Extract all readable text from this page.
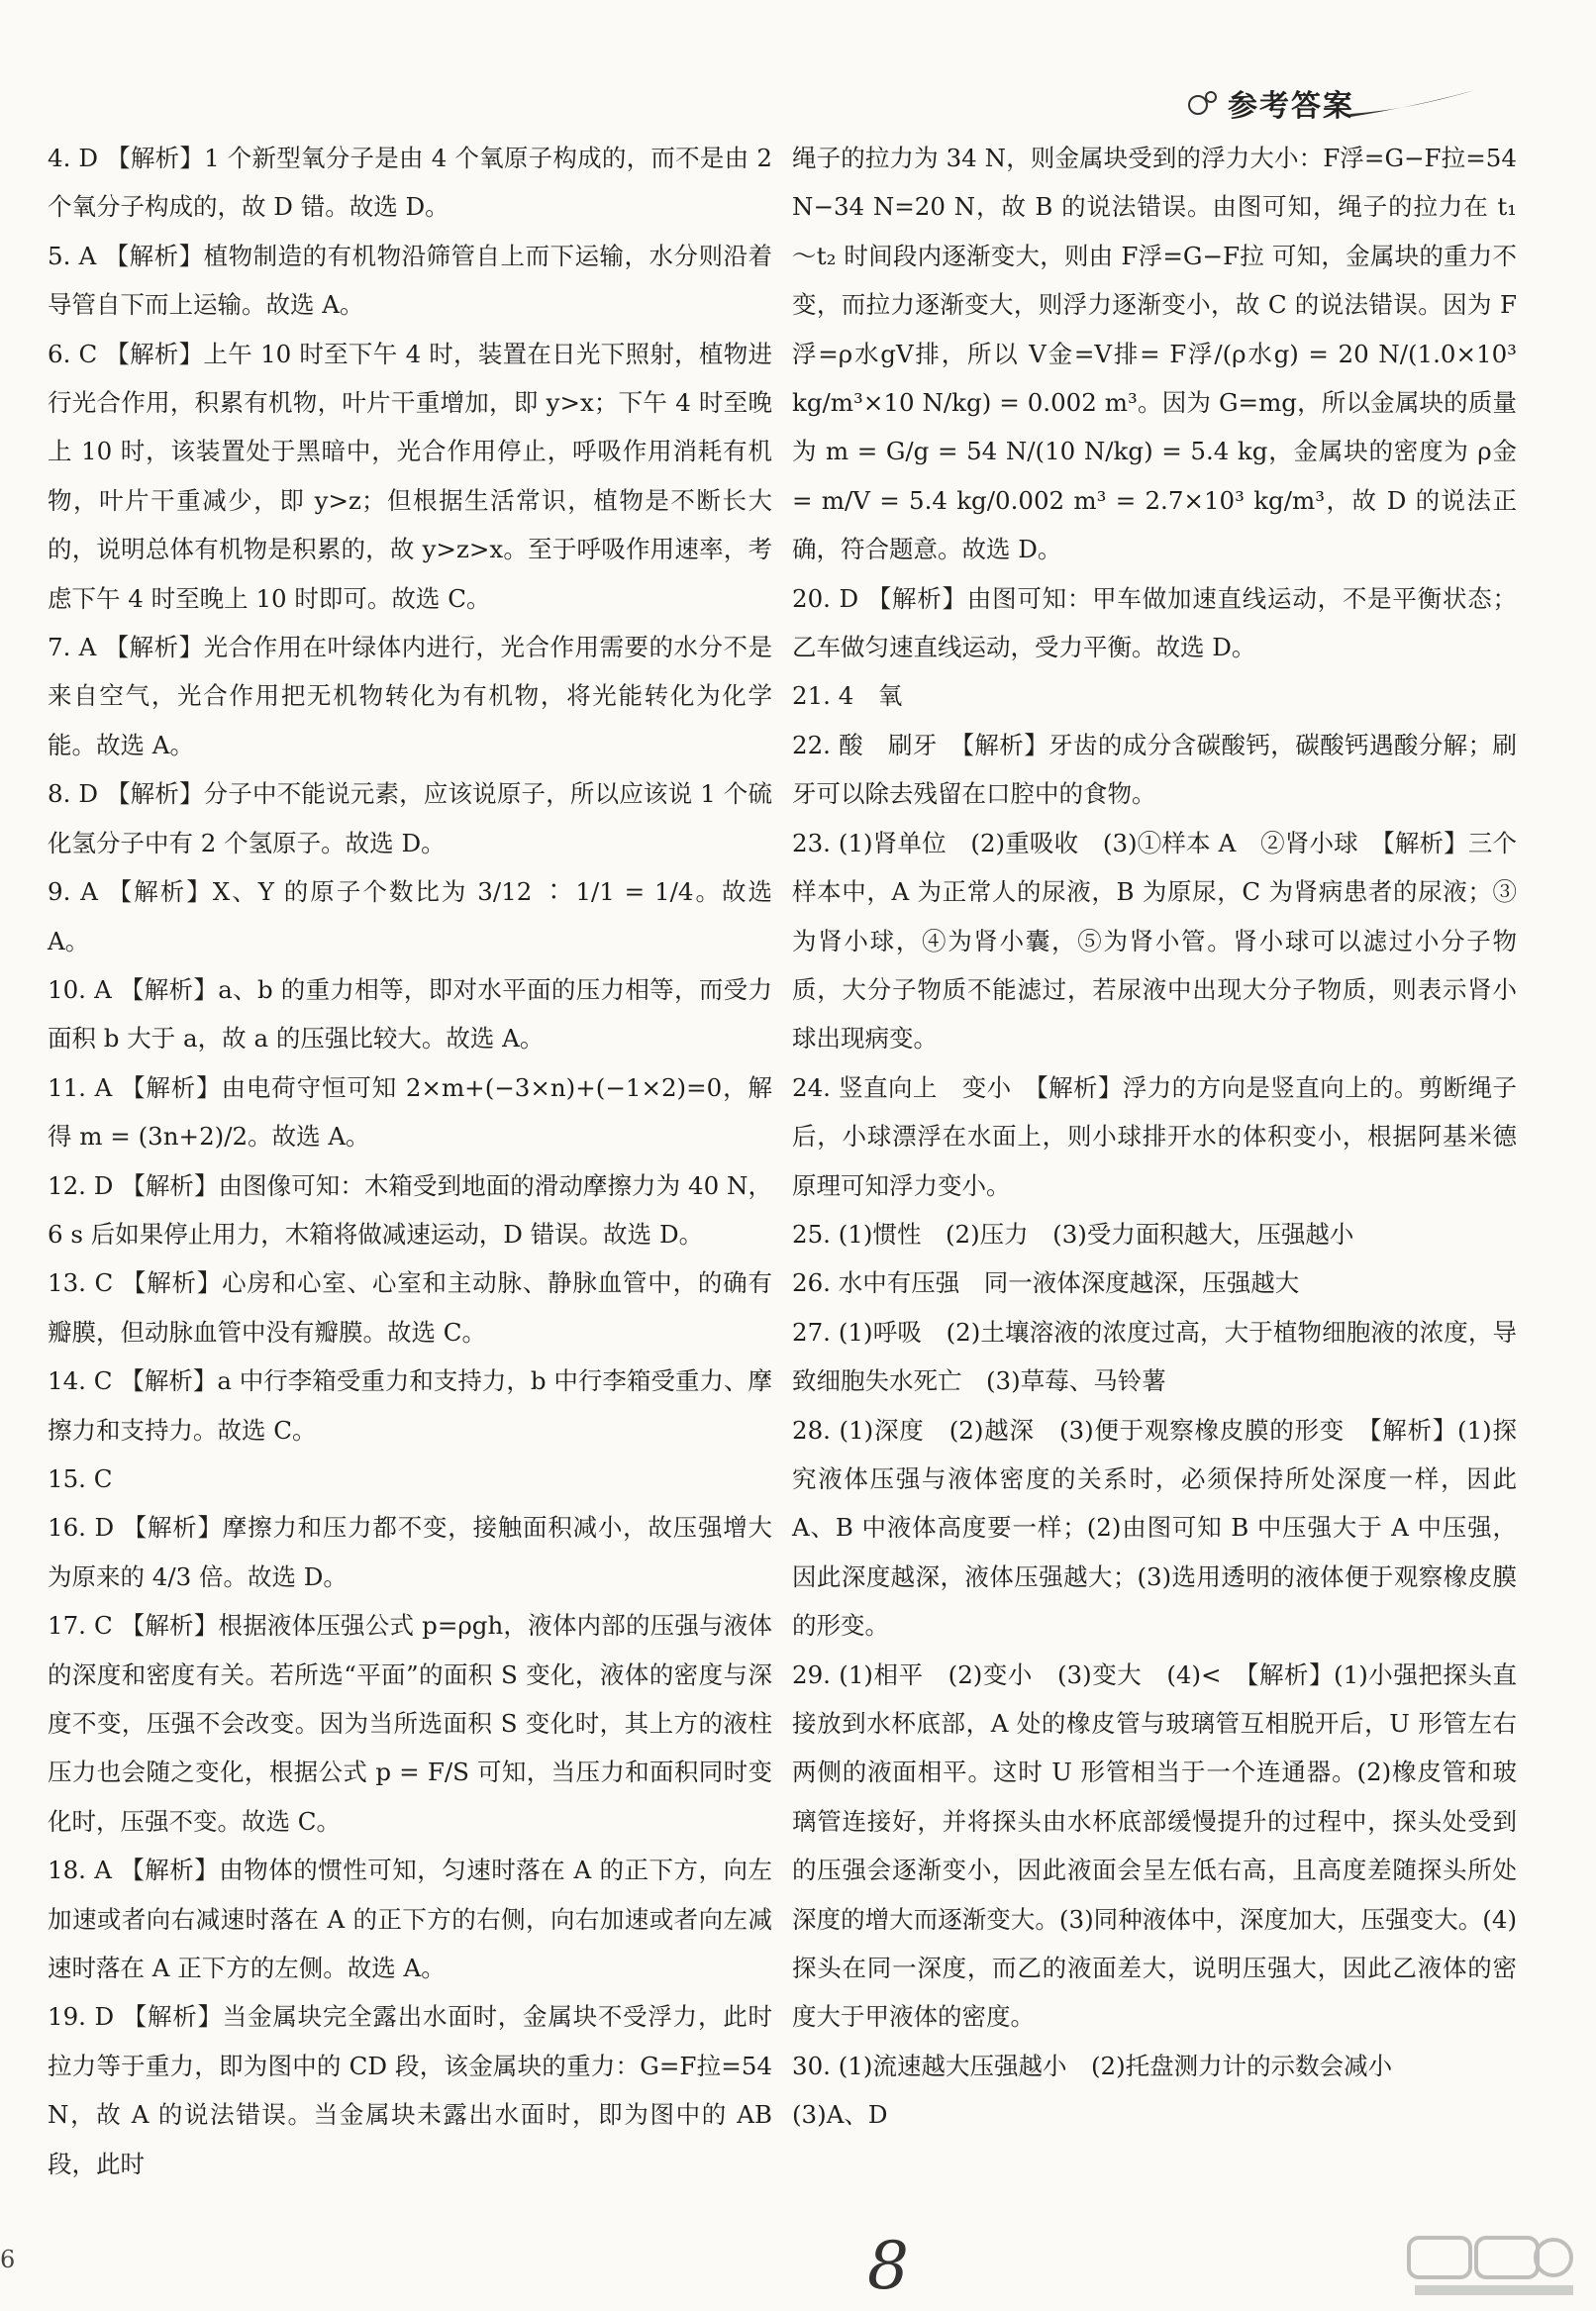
参考答案

4. D 【解析】1 个新型氧分子是由 4 个氧原子构成的，而不是由 2 个氧分子构成的，故 D 错。故选 D。

5. A 【解析】植物制造的有机物沿筛管自上而下运输，水分则沿着导管自下而上运输。故选 A。

6. C 【解析】上午 10 时至下午 4 时，装置在日光下照射，植物进行光合作用，积累有机物，叶片干重增加，即 y>x；下午 4 时至晚上 10 时，该装置处于黑暗中，光合作用停止，呼吸作用消耗有机物，叶片干重减少，即 y>z；但根据生活常识，植物是不断长大的，说明总体有机物是积累的，故 y>z>x。至于呼吸作用速率，考虑下午 4 时至晚上 10 时即可。故选 C。

7. A 【解析】光合作用在叶绿体内进行，光合作用需要的水分不是来自空气，光合作用把无机物转化为有机物，将光能转化为化学能。故选 A。

8. D 【解析】分子中不能说元素，应该说原子，所以应该说 1 个硫化氢分子中有 2 个氢原子。故选 D。

9. A 【解析】X、Y 的原子个数比为 3/12 ∶ 1/1 = 1/4。故选 A。

10. A 【解析】a、b 的重力相等，即对水平面的压力相等，而受力面积 b 大于 a，故 a 的压强比较大。故选 A。

11. A 【解析】由电荷守恒可知 2×m+(−3×n)+(−1×2)=0，解得 m = (3n+2)/2。故选 A。

12. D 【解析】由图像可知：木箱受到地面的滑动摩擦力为 40 N，6 s 后如果停止用力，木箱将做减速运动，D 错误。故选 D。

13. C 【解析】心房和心室、心室和主动脉、静脉血管中，的确有瓣膜，但动脉血管中没有瓣膜。故选 C。

14. C 【解析】a 中行李箱受重力和支持力，b 中行李箱受重力、摩擦力和支持力。故选 C。

15. C

16. D 【解析】摩擦力和压力都不变，接触面积减小，故压强增大为原来的 4/3 倍。故选 D。

17. C 【解析】根据液体压强公式 p=ρgh，液体内部的压强与液体的深度和密度有关。若所选“平面”的面积 S 变化，液体的密度与深度不变，压强不会改变。因为当所选面积 S 变化时，其上方的液柱压力也会随之变化，根据公式 p = F/S 可知，当压力和面积同时变化时，压强不变。故选 C。

18. A 【解析】由物体的惯性可知，匀速时落在 A 的正下方，向左加速或者向右减速时落在 A 的正下方的右侧，向右加速或者向左减速时落在 A 正下方的左侧。故选 A。

19. D 【解析】当金属块完全露出水面时，金属块不受浮力，此时拉力等于重力，即为图中的 CD 段，该金属块的重力：G=F拉=54 N，故 A 的说法错误。当金属块未露出水面时，即为图中的 AB 段，此时

绳子的拉力为 34 N，则金属块受到的浮力大小：F浮=G−F拉=54 N−34 N=20 N，故 B 的说法错误。由图可知，绳子的拉力在 t₁～t₂ 时间段内逐渐变大，则由 F浮=G−F拉 可知，金属块的重力不变，而拉力逐渐变大，则浮力逐渐变小，故 C 的说法错误。因为 F浮=ρ水gV排，所以 V金=V排= F浮/(ρ水g) = 20 N/(1.0×10³ kg/m³×10 N/kg) = 0.002 m³。因为 G=mg，所以金属块的质量为 m = G/g = 54 N/(10 N/kg) = 5.4 kg，金属块的密度为 ρ金 = m/V = 5.4 kg/0.002 m³ = 2.7×10³ kg/m³，故 D 的说法正确，符合题意。故选 D。

20. D 【解析】由图可知：甲车做加速直线运动，不是平衡状态；乙车做匀速直线运动，受力平衡。故选 D。

21. 4　氧

22. 酸　刷牙　【解析】牙齿的成分含碳酸钙，碳酸钙遇酸分解；刷牙可以除去残留在口腔中的食物。

23. (1)肾单位　(2)重吸收　(3)①样本 A　②肾小球　【解析】三个样本中，A 为正常人的尿液，B 为原尿，C 为肾病患者的尿液；③为肾小球，④为肾小囊，⑤为肾小管。肾小球可以滤过小分子物质，大分子物质不能滤过，若尿液中出现大分子物质，则表示肾小球出现病变。

24. 竖直向上　变小　【解析】浮力的方向是竖直向上的。剪断绳子后，小球漂浮在水面上，则小球排开水的体积变小，根据阿基米德原理可知浮力变小。

25. (1)惯性　(2)压力　(3)受力面积越大，压强越小

26. 水中有压强　同一液体深度越深，压强越大

27. (1)呼吸　(2)土壤溶液的浓度过高，大于植物细胞液的浓度，导致细胞失水死亡　(3)草莓、马铃薯

28. (1)深度　(2)越深　(3)便于观察橡皮膜的形变　【解析】(1)探究液体压强与液体密度的关系时，必须保持所处深度一样，因此 A、B 中液体高度要一样；(2)由图可知 B 中压强大于 A 中压强，因此深度越深，液体压强越大；(3)选用透明的液体便于观察橡皮膜的形变。

29. (1)相平　(2)变小　(3)变大　(4)<　【解析】(1)小强把探头直接放到水杯底部，A 处的橡皮管与玻璃管互相脱开后，U 形管左右两侧的液面相平。这时 U 形管相当于一个连通器。(2)橡皮管和玻璃管连接好，并将探头由水杯底部缓慢提升的过程中，探头处受到的压强会逐渐变小，因此液面会呈左低右高，且高度差随探头所处深度的增大而逐渐变大。(3)同种液体中，深度加大，压强变大。(4)探头在同一深度，而乙的液面差大，说明压强大，因此乙液体的密度大于甲液体的密度。

30. (1)流速越大压强越小　(2)托盘测力计的示数会减小

(3)A、D

8
6
